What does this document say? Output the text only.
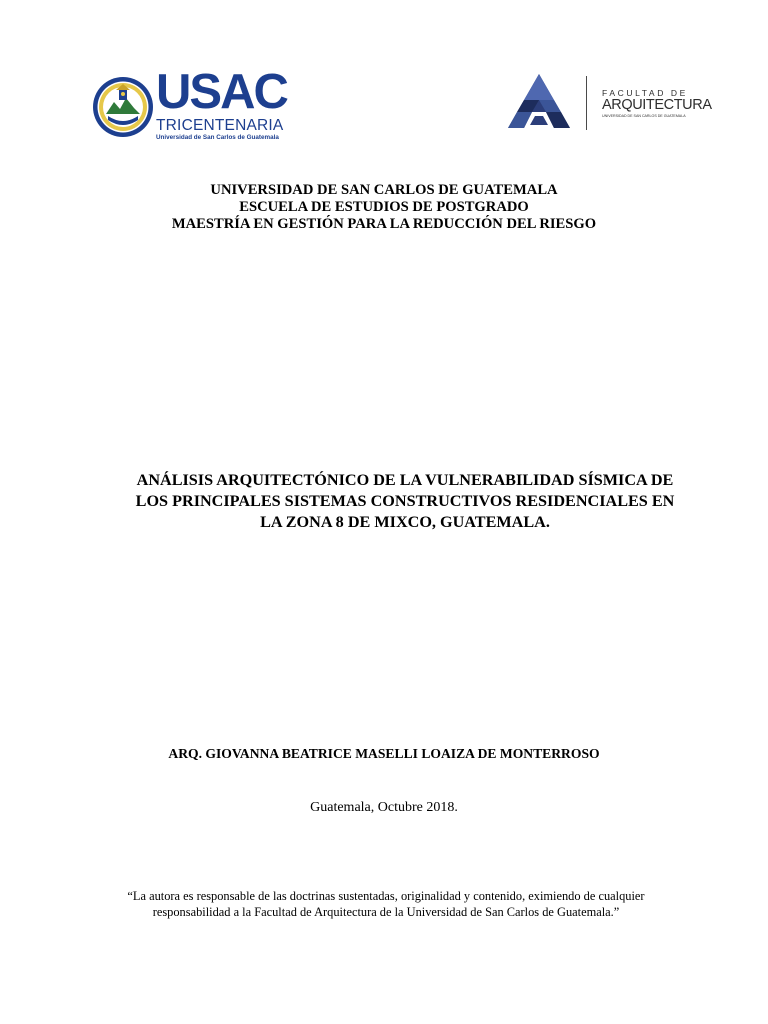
USAC
TRICENTENARIA
Universidad de San Carlos de Guatemala
FACULTAD DE
ARQUITECTURA
UNIVERSIDAD DE SAN CARLOS DE GUATEMALA
UNIVERSIDAD DE SAN CARLOS DE GUATEMALA
ESCUELA DE ESTUDIOS DE POSTGRADO
MAESTRÍA EN GESTIÓN PARA LA REDUCCIÓN DEL RIESGO
ANÁLISIS ARQUITECTÓNICO DE LA VULNERABILIDAD SÍSMICA DE
LOS PRINCIPALES SISTEMAS CONSTRUCTIVOS RESIDENCIALES EN
LA ZONA 8 DE MIXCO, GUATEMALA.
ARQ. GIOVANNA BEATRICE MASELLI LOAIZA DE MONTERROSO
Guatemala, Octubre 2018.
“La autora es responsable de las doctrinas sustentadas, originalidad y contenido, eximiendo de cualquier
responsabilidad a la Facultad de Arquitectura de la Universidad de San Carlos de Guatemala.”
